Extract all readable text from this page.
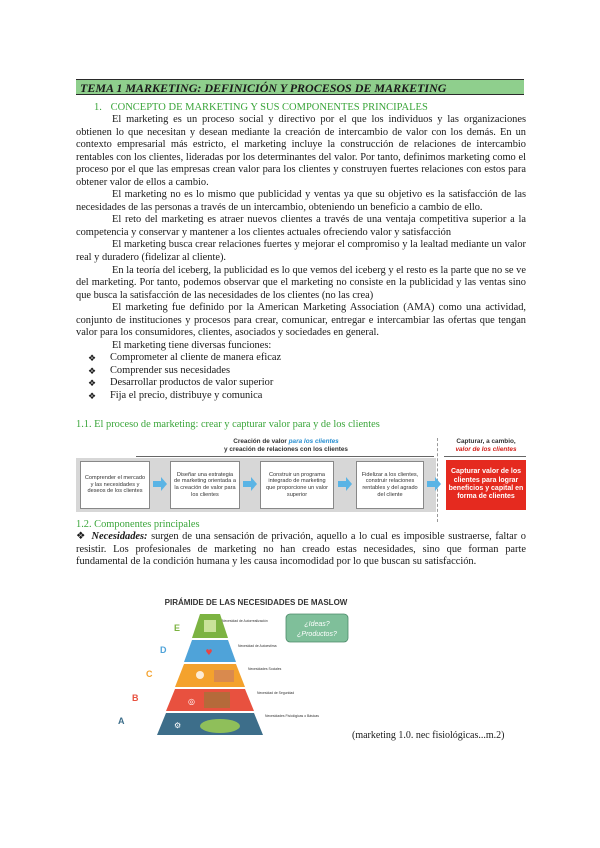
TEMA 1 MARKETING: DEFINICIÓN Y PROCESOS DE MARKETING
1. CONCEPTO DE MARKETING Y SUS COMPONENTES PRINCIPALES

El marketing es un proceso social y directivo por el que los individuos y las organizaciones obtienen lo que necesitan y desean mediante la creación de intercambio de valor con los demás. En un contexto empresarial más estricto, el marketing incluye la construcción de relaciones de intercambio rentables con los clientes, lideradas por los determinantes del valor. Por tanto, definimos marketing como el proceso por el que las empresas crean valor para los clientes y construyen fuertes relaciones con estos para obtener valor de ellos a cambio.

El marketing no es lo mismo que publicidad y ventas ya que su objetivo es la satisfacción de las necesidades de las personas a través de un intercambio, obteniendo un beneficio a cambio de ello.

El reto del marketing es atraer nuevos clientes a través de una ventaja competitiva superior a la competencia y conservar y mantener a los clientes actuales ofreciendo valor y satisfacción

El marketing busca crear relaciones fuertes y mejorar el compromiso y la lealtad mediante un valor real y duradero (fidelizar al cliente).

En la teoría del iceberg, la publicidad es lo que vemos del iceberg y el resto es la parte que no se ve del marketing. Por tanto, podemos observar que el marketing no consiste en la publicidad y las ventas sino que busca la satisfacción de las necesidades de los clientes (no las crea)

El marketing fue definido por la American Marketing Association (AMA) como una actividad, conjunto de instituciones y procesos para crear, comunicar, entregar e intercambiar las ofertas que tengan valor para los consumidores, clientes, asociados y sociedades en general.

El marketing tiene diversas funciones:

❖ Comprometer al cliente de manera eficaz
❖ Comprender sus necesidades
❖ Desarrollar productos de valor superior
❖ Fija el precio, distribuye y comunica
1.1. El proceso de marketing: crear y capturar valor para y de los clientes
Creación de valor para los clientes
y creación de relaciones con los clientes
Capturar, a cambio,
valor de los clientes
Comprender el mercado y las necesidades y deseos de los clientes
Diseñar una estrategia de marketing orientada a la creación de valor para los clientes
Construir un programa integrado de marketing que proporcione un valor superior
Fidelizar a los clientes, construir relaciones rentables y del agrado del cliente
Capturar valor de los clientes para lograr beneficios y capital en forma de clientes
1.2. Componentes principales
❖ Necesidades: surgen de una sensación de privación, aquello a lo cual es imposible sustraerse, faltar o resistir. Los profesionales de marketing no han creado estas necesidades, sino que forman parte fundamental de la condición humana y les causa incomodidad por lo que buscan su satisfacción.
PIRÁMIDE DE LAS NECESIDADES DE MASLOW
¿Ideas?
¿Productos?
E
Necesidad de Autorrealización
D	♥
Necesidad de Autoestima
C	Necesidades Sociales
B	◎
Necesidad de Seguridad
A	⚙
Necesidades Fisiológicas o Básicas
(marketing 1.0. nec fisiológicas...m.2)
